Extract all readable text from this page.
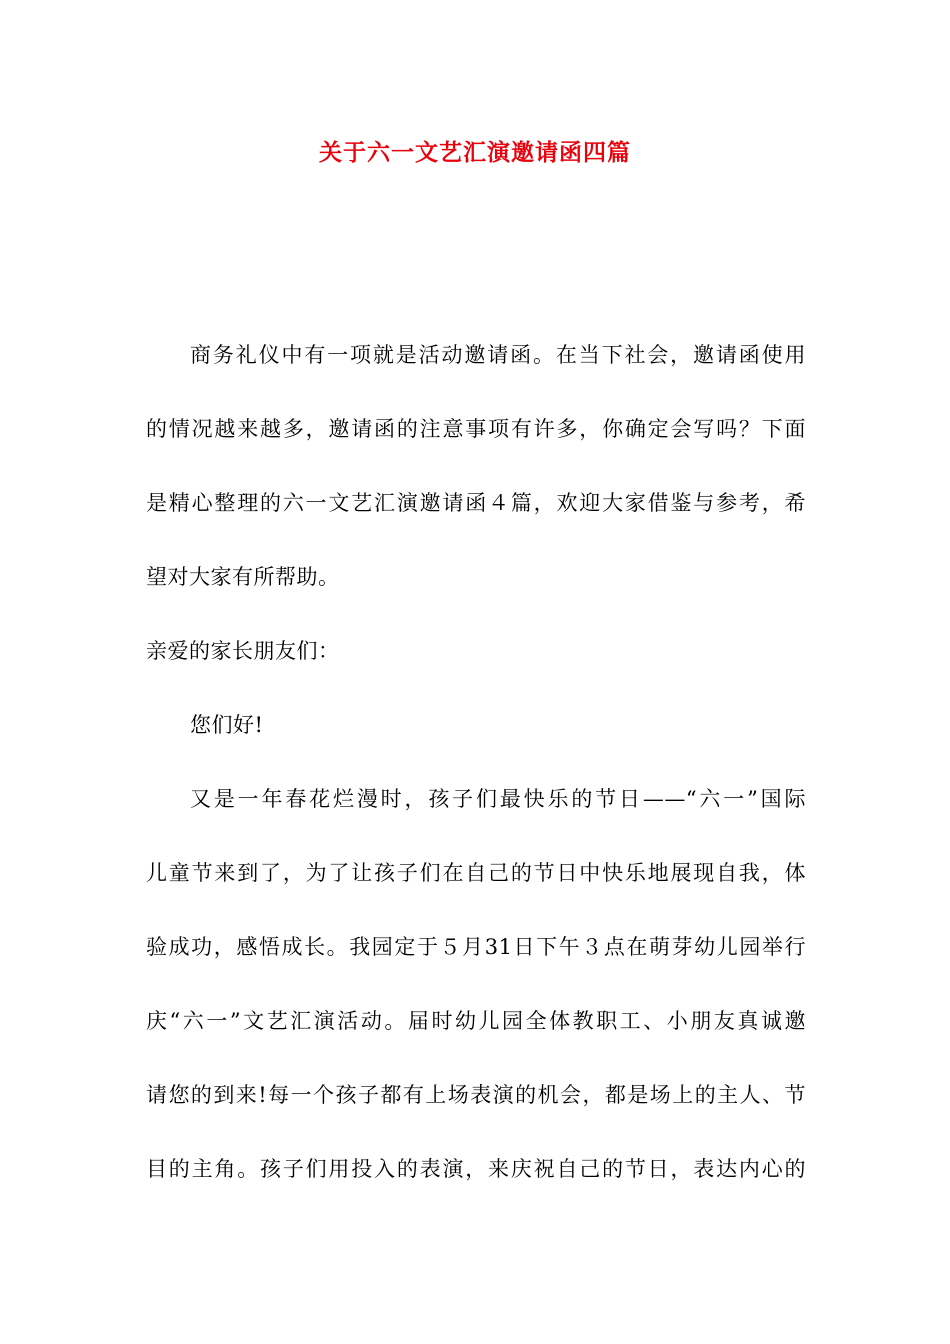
关于六一文艺汇演邀请函四篇

商务礼仪中有一项就是活动邀请函。在当下社会，邀请函使用
的情况越来越多，邀请函的注意事项有许多，你确定会写吗？下面
是精心整理的六一文艺汇演邀请函４篇，欢迎大家借鉴与参考，希
望对大家有所帮助。

亲爱的家长朋友们：

您们好!

又是一年春花烂漫时，孩子们最快乐的节日——“六一”国际
儿童节来到了，为了让孩子们在自己的节日中快乐地展现自我，体
验成功，感悟成长。我园定于５月31日下午３点在萌芽幼儿园举行
庆“六一”文艺汇演活动。届时幼儿园全体教职工、小朋友真诚邀
请您的到来!每一个孩子都有上场表演的机会，都是场上的主人、节
目的主角。孩子们用投入的表演，来庆祝自己的节日，表达内心的
